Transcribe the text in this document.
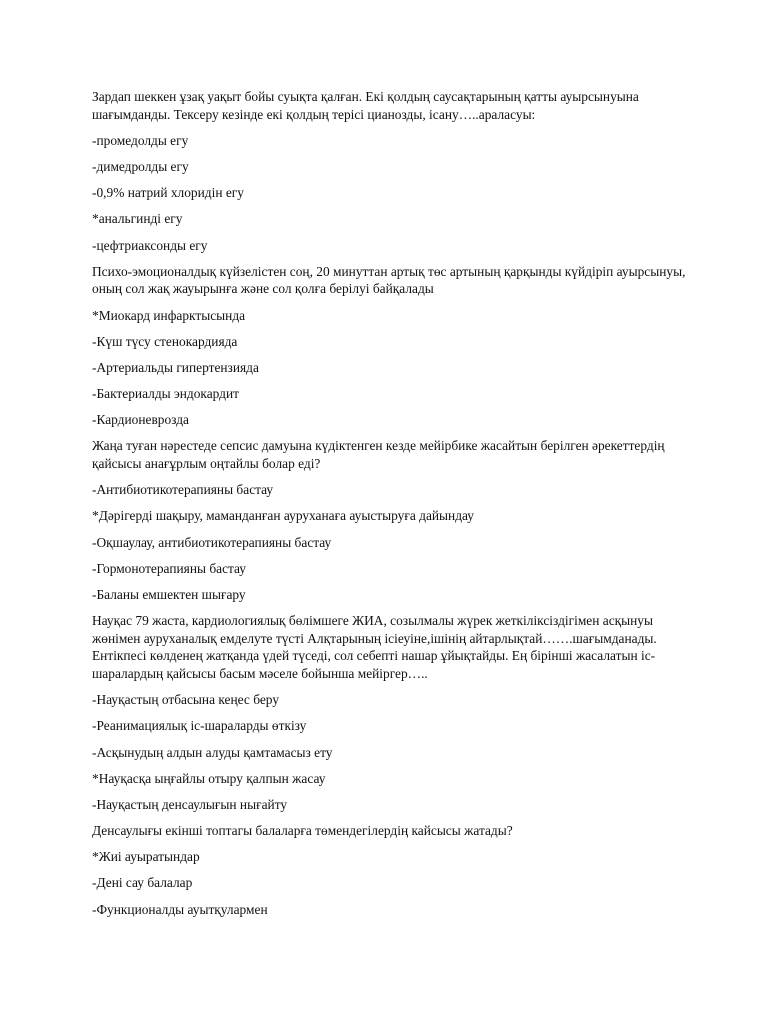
Зардап шеккен ұзақ уақыт бойы суықта қалған. Екі қолдың саусақтарының қатты ауырсынуына шағымданды. Тексеру кезінде екі қолдың терісі цианозды, ісану…..араласуы:

-промедолды егу

-димедролды егу

-0,9% натрий хлоридін егу

*анальгинді егу

-цефтриаксонды егу

Психо-эмоционалдық күйзелістен соң, 20 минуттан артық төс артының қарқынды күйдіріп ауырсынуы, оның сол жақ жауырынға және сол қолға берілуі байқалады

*Миокард инфарктысында

-Күш түсу стенокардияда

-Артериальды гипертензияда

-Бактериалды эндокардит

-Кардионевроздa

Жаңа туған нәрестеде сепсис дамуына күдіктенген кезде мейірбике жасайтын берілген әрекеттердің қайсысы анағұрлым оңтайлы болар еді?

-Антибиотикотерапияны бастау

*Дәрігерді шақыру, маманданған ауруханаға ауыстыруға дайындау

-Оқшаулау, антибиотикотерапияны бастау

-Гормонотерапияны бастау

-Баланы емшектен шығару

Науқас 79 жаста, кардиологиялық бөлімшеге ЖИА, созылмалы жүрек жеткіліксіздігімен асқынуы жөнімен ауруханалық емделуте түсті Алқтарының ісіеуіне,ішінің айтарлықтай…….шағымданады. Ентікпесі көлденең жатқанда үдей түседі, сол себепті нашар ұйықтайды. Ең бірінші жасалатын іс-шаралардың қайсысы басым мәселе бойынша мейіргер…..

-Науқастың отбасына кеңес беру

-Реанимациялық іс-шараларды өткізу

-Асқынудың алдын алуды қамтамасыз ету

*Науқасқа ыңғайлы отыру қалпын жасау

-Науқастың денсаулығын нығайту

Денсаулығы екінші топтагы балаларға төмендегілердің кайсысы жатады?

*Жиі ауыратындар

-Дені сау балалар

-Функционалды ауытқулармен
